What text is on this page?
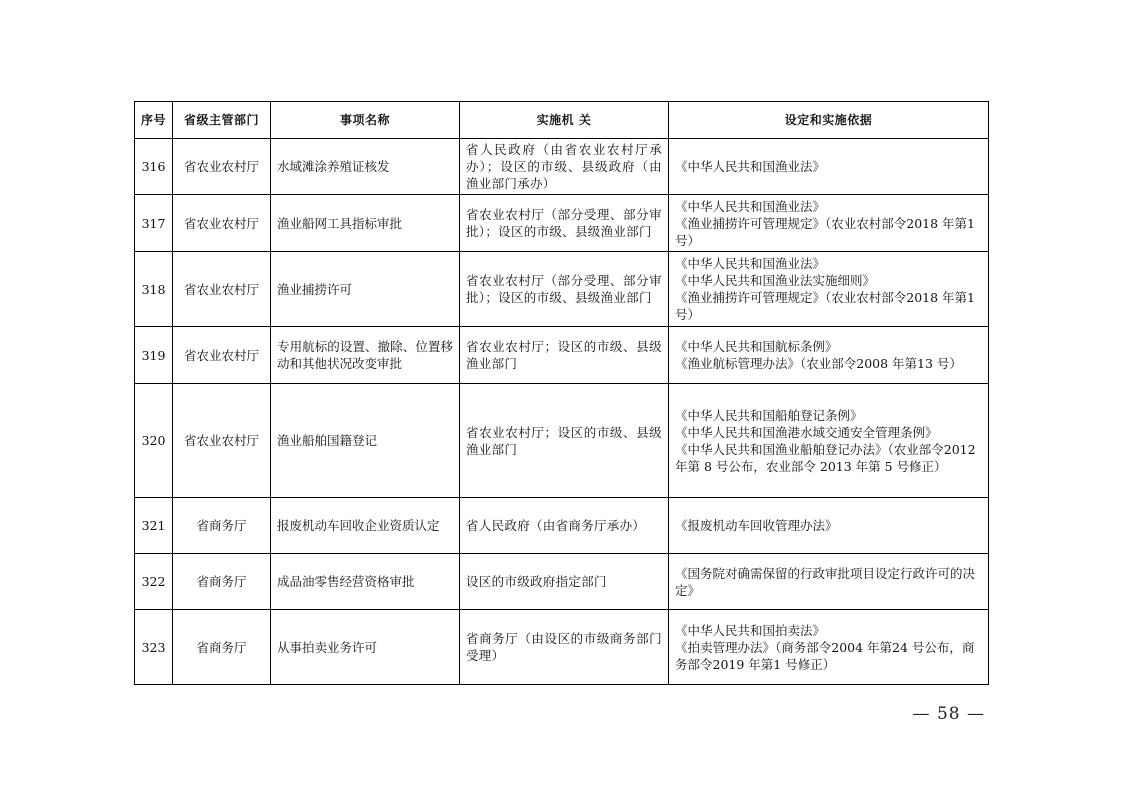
序号	省级主管部门	事项名称	实施机 关	设定和实施依据
316	省农业农村厅	水域滩涂养殖证核发	省人民政府（由省农业农村厅承办）；设区的市级、县级政府（由渔业部门承办）	《中华人民共和国渔业法》

317	省农业农村厅	渔业船网工具指标审批	省农业农村厅（部分受理、部分审批）；设区的市级、县级渔业部门	《中华人民共和国渔业法》
《渔业捕捞许可管理规定》（农业农村部令2018 年第1 号）

318	省农业农村厅	渔业捕捞许可	省农业农村厅（部分受理、部分审批）；设区的市级、县级渔业部门	《中华人民共和国渔业法》
《中华人民共和国渔业法实施细则》
《渔业捕捞许可管理规定》（农业农村部令2018 年第1 号）

319	省农业农村厅	专用航标的设置、撤除、位置移动和其他状况改变审批	省农业农村厅；设区的市级、县级渔业部门	《中华人民共和国航标条例》
《渔业航标管理办法》（农业部令2008 年第13 号）

320	省农业农村厅	渔业船舶国籍登记	省农业农村厅；设区的市级、县级渔业部门	《中华人民共和国船舶登记条例》
《中华人民共和国渔港水域交通安全管理条例》
《中华人民共和国渔业船舶登记办法》（农业部令2012 年第 8 号公布，农业部令 2013 年第 5 号修正）

321	省商务厅	报废机动车回收企业资质认定	省人民政府（由省商务厅承办）	《报废机动车回收管理办法》

322	省商务厅	成品油零售经营资格审批	设区的市级政府指定部门	《国务院对确需保留的行政审批项目设定行政许可的决定》

323	省商务厅	从事拍卖业务许可	省商务厅（由设区的市级商务部门受理）	《中华人民共和国拍卖法》
《拍卖管理办法》（商务部令2004 年第24 号公布，商务部令2019 年第1 号修正）
— 58 —
